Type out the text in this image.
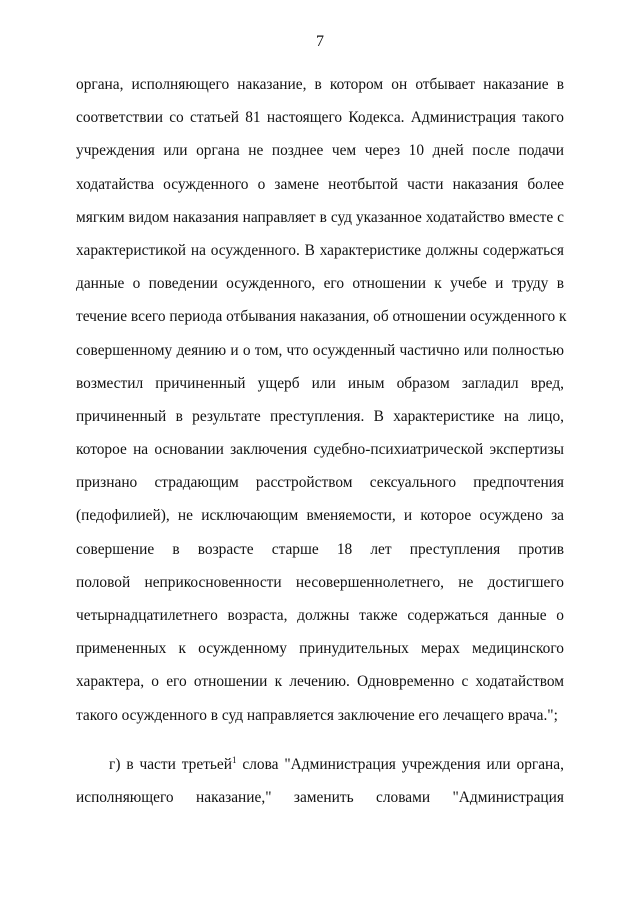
7
органа, исполняющего наказание, в котором он отбывает наказание в
соответствии со статьей 81 настоящего Кодекса. Администрация такого
учреждения или органа не позднее чем через 10 дней после подачи
ходатайства осужденного о замене неотбытой части наказания более
мягким видом наказания направляет в суд указанное ходатайство вместе с
характеристикой на осужденного. В характеристике должны содержаться
данные о поведении осужденного, его отношении к учебе и труду в
течение всего периода отбывания наказания, об отношении осужденного к
совершенному деянию и о том, что осужденный частично или полностью
возместил причиненный ущерб или иным образом загладил вред,
причиненный в результате преступления. В характеристике на лицо,
которое на основании заключения судебно-психиатрической экспертизы
признано страдающим расстройством сексуального предпочтения
(педофилией), не исключающим вменяемости, и которое осуждено за
совершение в возрасте старше 18 лет преступления против
половой неприкосновенности несовершеннолетнего, не достигшего
четырнадцатилетнего возраста, должны также содержаться данные о
примененных к осужденному принудительных мерах медицинского
характера, о его отношении к лечению. Одновременно с ходатайством
такого осужденного в суд направляется заключение его лечащего врача.";
г) в части третьей$^1$ слова "Администрация учреждения или органа,
исполняющего наказание," заменить словами "Администрация
